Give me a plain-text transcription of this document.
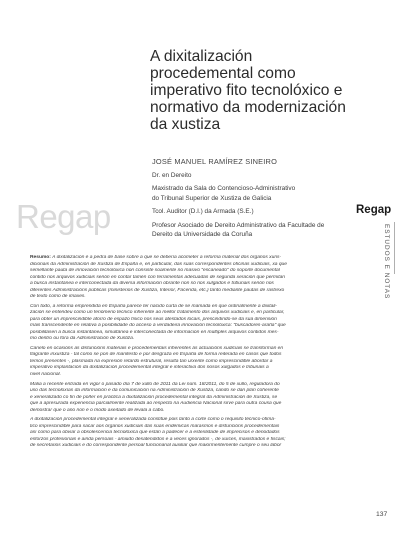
Regap
A dixitalización
procedemental como
imperativo fito tecnolóxico e
normativo da modernización
da xustiza
JOSÉ MANUEL RAMÍREZ SINEIRO
Dr. en Dereito
Maxistrado da Sala do Contencioso-Administrativo
do Tribunal Superior de Xustiza de Galicia
Tcol. Auditor (D.I.) da Armada (S.E.)
Profesor Asociado de Dereito Administrativo da Facultade de
Dereito da Universidade da Coruña
Regap
ESTUDOS E NOTAS
Resumo: A dixitalización é a pedra de base sobre a que se debería acometer a reforma material dos órganos xuris-
dicionais da Administración de Xustiza de España e, en particular, das súas correspondentes oficinas xudiciais, xa que
semellante pauta de innovación tecnolóxica non consiste soamente no masivo "escaneado" do soporte documental
contido nos arquivos xudiciais senón en contar tamén con ferramentas adecuadas de segunda xeración que permitan
a busca instantánea e interconectada da diversa información obrante non só nos xulgados e tribunais senón nos
diferentes Administracións públicas (ministerios de Xustiza, Interior, Facenda, etc.) tanto mediante pautas de rastrexo
de texto como de imaxes.
Con todo, a reforma emprendida en España parece ter nacido curta de se mamada en que ordinalmente a dixitali-
zación se entendeu como un fenómeno técnico inherente ao mellor tratamento dos arquivos xudiciais e, en particular,
para obter un imprescindible aforro de espazo físico nos seus atestados locais, prescindindo-se da súa dimensión
máis transcendente en relativa á posibilidade do acceso á verdadeira innovación tecnolóxica: "buscadores-araña" que
posibilitasen a busca instantánea, simultánea e interconectada de información en múltiples arquivos contidos mes-
mo dentro ou fóra da Administración de Xustiza.
Canelo en ocasións as disfuncións materiais e procedementais inherentes ás actuacións xudiciais se transforman en
flagrante inxustiza - tal como se pon de manifesto e por desgraza en España de forma reiterada en casos que todos
temos presentes -, plasmada na expresión retardo estrutural, resulta tan urxente como imprescindible abordar a
imperativo implantación da dixitalización procedemental integral e interactiva dos nosos xulgados e tribunais a
nivel nacional.
Malia a recente entrada en vigor o pasado día 7 de xullo de 2011 da Lei núm. 18/2011, do 5 de xullo, reguladora do
uso das tecnoloxías da información e da comunicación na Administración de Xustiza, cando se dan plan coherente
e xeneralizado co fin de poñer en práctica a dixitalización procedemental integral da Administración de Xustiza, se
que a apresurada experiencia parcialmente realizada ao respecto na Audiencia Nacional sirve para outra cousa que
demostrar que o ano non é o modo axeitado de levala a cabo.
A dixitalización procedemental integral e xeneralizada constitúe pois tanto a corte como o requisito técnico-ofimá-
tico imprescindible para sacar aos órganos xudiciais das súas endémicas marasmos e disfuncións procedementais
así como para obviar a obsolescencia tecnolóxica que están a padecer e a esterilidade de imprecisos e denodados
esforzos profesionais e ainda persoais - amiúdo desatendidos e a veces ignorados -, de xuíces, maxistrados e fiscais;
de secretarios xudiciais e do correspondente persoal funcionarial auxiliar que maiormentemente cumpre o seu labor
137
